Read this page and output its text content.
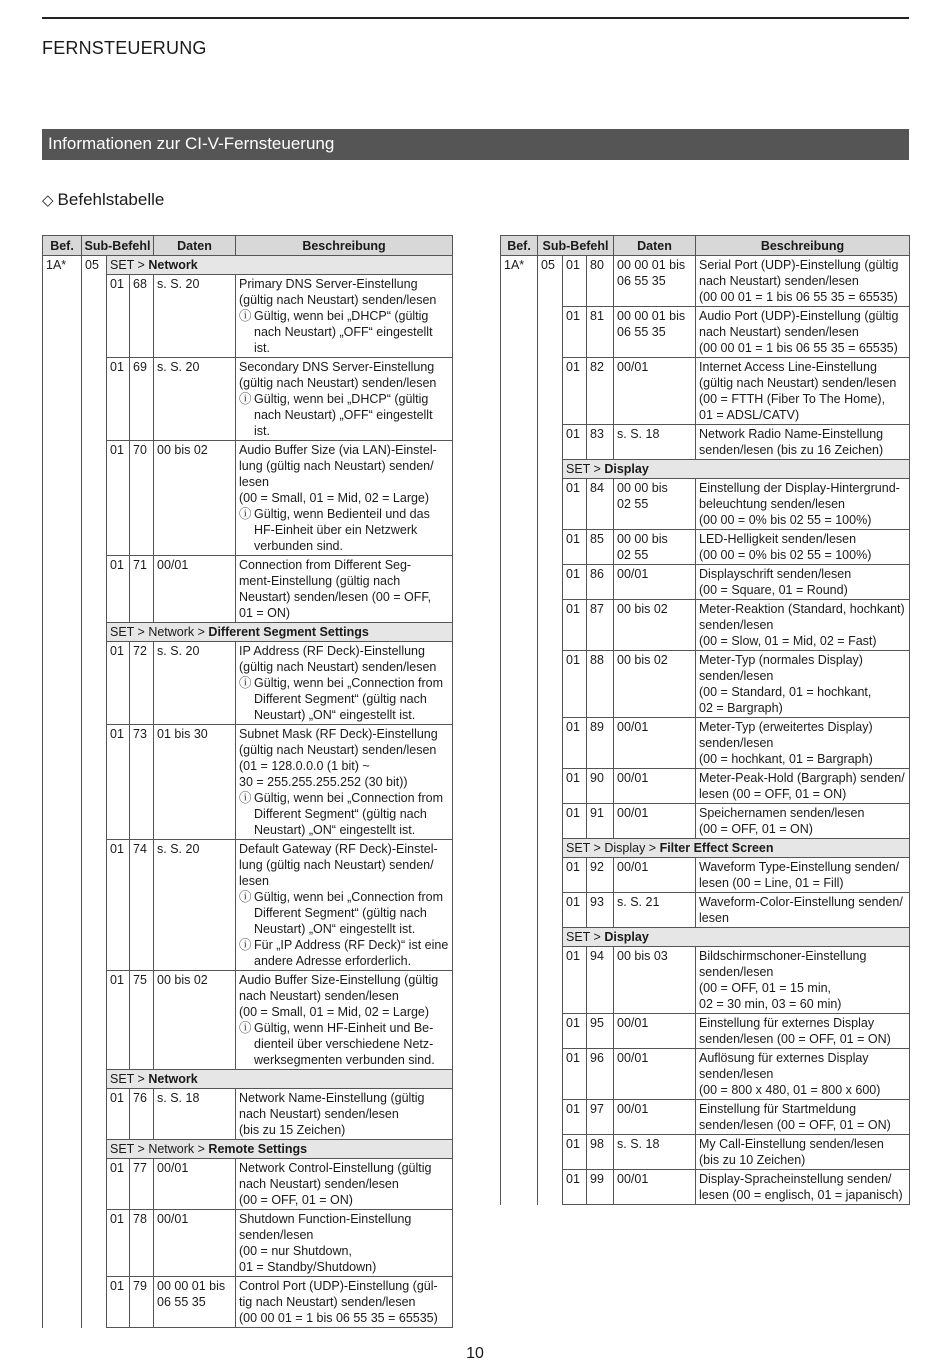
FERNSTEUERUNG
Informationen zur CI-V-Fernsteuerung
◇ Befehlstabelle
Bef.	Sub-Befehl			Daten	Beschreibung
1A*	05	SET > Network			
		01	68	s. S. 20	Primary DNS Server-Einstellung
(gültig nach Neustart) senden/lesen
ⓘ Gültig, wenn bei „DHCP“ (gültig nach Neustart) „OFF“ eingestellt ist.

		01	69	s. S. 20	Secondary DNS Server-Einstellung
(gültig nach Neustart) senden/lesen
ⓘ Gültig, wenn bei „DHCP“ (gültig nach Neustart) „OFF“ eingestellt ist.

		01	70	00 bis 02	Audio Buffer Size (via LAN)-Einstel-
lung (gültig nach Neustart) senden/
lesen
(00 = Small, 01 = Mid, 02 = Large)
ⓘ Gültig, wenn Bedienteil und das HF-Einheit über ein Netzwerk verbunden sind.

		01	71	00/01	Connection from Different Seg-
ment-Einstellung (gültig nach
Neustart) senden/lesen (00 = OFF,
01 = ON)

		SET > Network > Different Segment Settings			
		01	72	s. S. 20	IP Address (RF Deck)-Einstellung
(gültig nach Neustart) senden/lesen
ⓘ Gültig, wenn bei „Connection from Different Segment“ (gültig nach Neustart) „ON“ eingestellt ist.

		01	73	01 bis 30	Subnet Mask (RF Deck)-Einstellung
(gültig nach Neustart) senden/lesen
(01 = 128.0.0.0 (1 bit) ~
30 = 255.255.255.252 (30 bit))
ⓘ Gültig, wenn bei „Connection from Different Segment“ (gültig nach Neustart) „ON“ eingestellt ist.

		01	74	s. S. 20	Default Gateway (RF Deck)-Einstel-
lung (gültig nach Neustart) senden/
lesen
ⓘ Gültig, wenn bei „Connection from Different Segment“ (gültig nach Neustart) „ON“ eingestellt ist.
ⓘ Für „IP Address (RF Deck)“ ist eine andere Adresse erforderlich.

		01	75	00 bis 02	Audio Buffer Size-Einstellung (gültig
nach Neustart) senden/lesen
(00 = Small, 01 = Mid, 02 = Large)
ⓘ Gültig, wenn HF-Einheit und Be- dienteil über verschiedene Netz- werksegmenten verbunden sind.

		SET > Network			
		01	76	s. S. 18	Network Name-Einstellung (gültig
nach Neustart) senden/lesen
(bis zu 15 Zeichen)

		SET > Network > Remote Settings			
		01	77	00/01	Network Control-Einstellung (gültig
nach Neustart) senden/lesen
(00 = OFF, 01 = ON)

		01	78	00/01	Shutdown Function-Einstellung
senden/lesen
(00 = nur Shutdown,
01 = Standby/Shutdown)

		01	79	00 00 01 bis
06 55 35	Control Port (UDP)-Einstellung (gül-
tig nach Neustart) senden/lesen
(00 00 01 = 1 bis 06 55 35 = 65535)
Bef.	Sub-Befehl			Daten	Beschreibung
1A*	05	01	80	00 00 01 bis
06 55 35	Serial Port (UDP)-Einstellung (gültig
nach Neustart) senden/lesen
(00 00 01 = 1 bis 06 55 35 = 65535)

		01	81	00 00 01 bis
06 55 35	Audio Port (UDP)-Einstellung (gültig
nach Neustart) senden/lesen
(00 00 01 = 1 bis 06 55 35 = 65535)

		01	82	00/01	Internet Access Line-Einstellung
(gültig nach Neustart) senden/lesen
(00 = FTTH (Fiber To The Home),
01 = ADSL/CATV)

		01	83	s. S. 18	Network Radio Name-Einstellung
senden/lesen (bis zu 16 Zeichen)

		SET > Display			
		01	84	00 00 bis
02 55	Einstellung der Display-Hintergrund-
beleuchtung senden/lesen
(00 00 = 0% bis 02 55 = 100%)

		01	85	00 00 bis
02 55	LED-Helligkeit senden/lesen
(00 00 = 0% bis 02 55 = 100%)

		01	86	00/01	Displayschrift senden/lesen
(00 = Square, 01 = Round)

		01	87	00 bis 02	Meter-Reaktion (Standard, hochkant)
senden/lesen
(00 = Slow, 01 = Mid, 02 = Fast)

		01	88	00 bis 02	Meter-Typ (normales Display)
senden/lesen
(00 = Standard, 01 = hochkant,
02 = Bargraph)

		01	89	00/01	Meter-Typ (erweitertes Display)
senden/lesen
(00 = hochkant, 01 = Bargraph)

		01	90	00/01	Meter-Peak-Hold (Bargraph) senden/
lesen (00 = OFF, 01 = ON)

		01	91	00/01	Speichernamen senden/lesen
(00 = OFF, 01 = ON)

		SET > Display > Filter Effect Screen			
		01	92	00/01	Waveform Type-Einstellung senden/
lesen (00 = Line, 01 = Fill)

		01	93	s. S. 21	Waveform-Color-Einstellung senden/
lesen

		SET > Display			
		01	94	00 bis 03	Bildschirmschoner-Einstellung
senden/lesen
(00 = OFF, 01 = 15 min,
02 = 30 min, 03 = 60 min)

		01	95	00/01	Einstellung für externes Display
senden/lesen (00 = OFF, 01 = ON)

		01	96	00/01	Auflösung für externes Display
senden/lesen
(00 = 800 x 480, 01 = 800 x 600)

		01	97	00/01	Einstellung für Startmeldung
senden/lesen (00 = OFF, 01 = ON)

		01	98	s. S. 18	My Call-Einstellung senden/lesen
(bis zu 10 Zeichen)

		01	99	00/01	Display-Spracheinstellung senden/
lesen (00 = englisch, 01 = japanisch)
10
